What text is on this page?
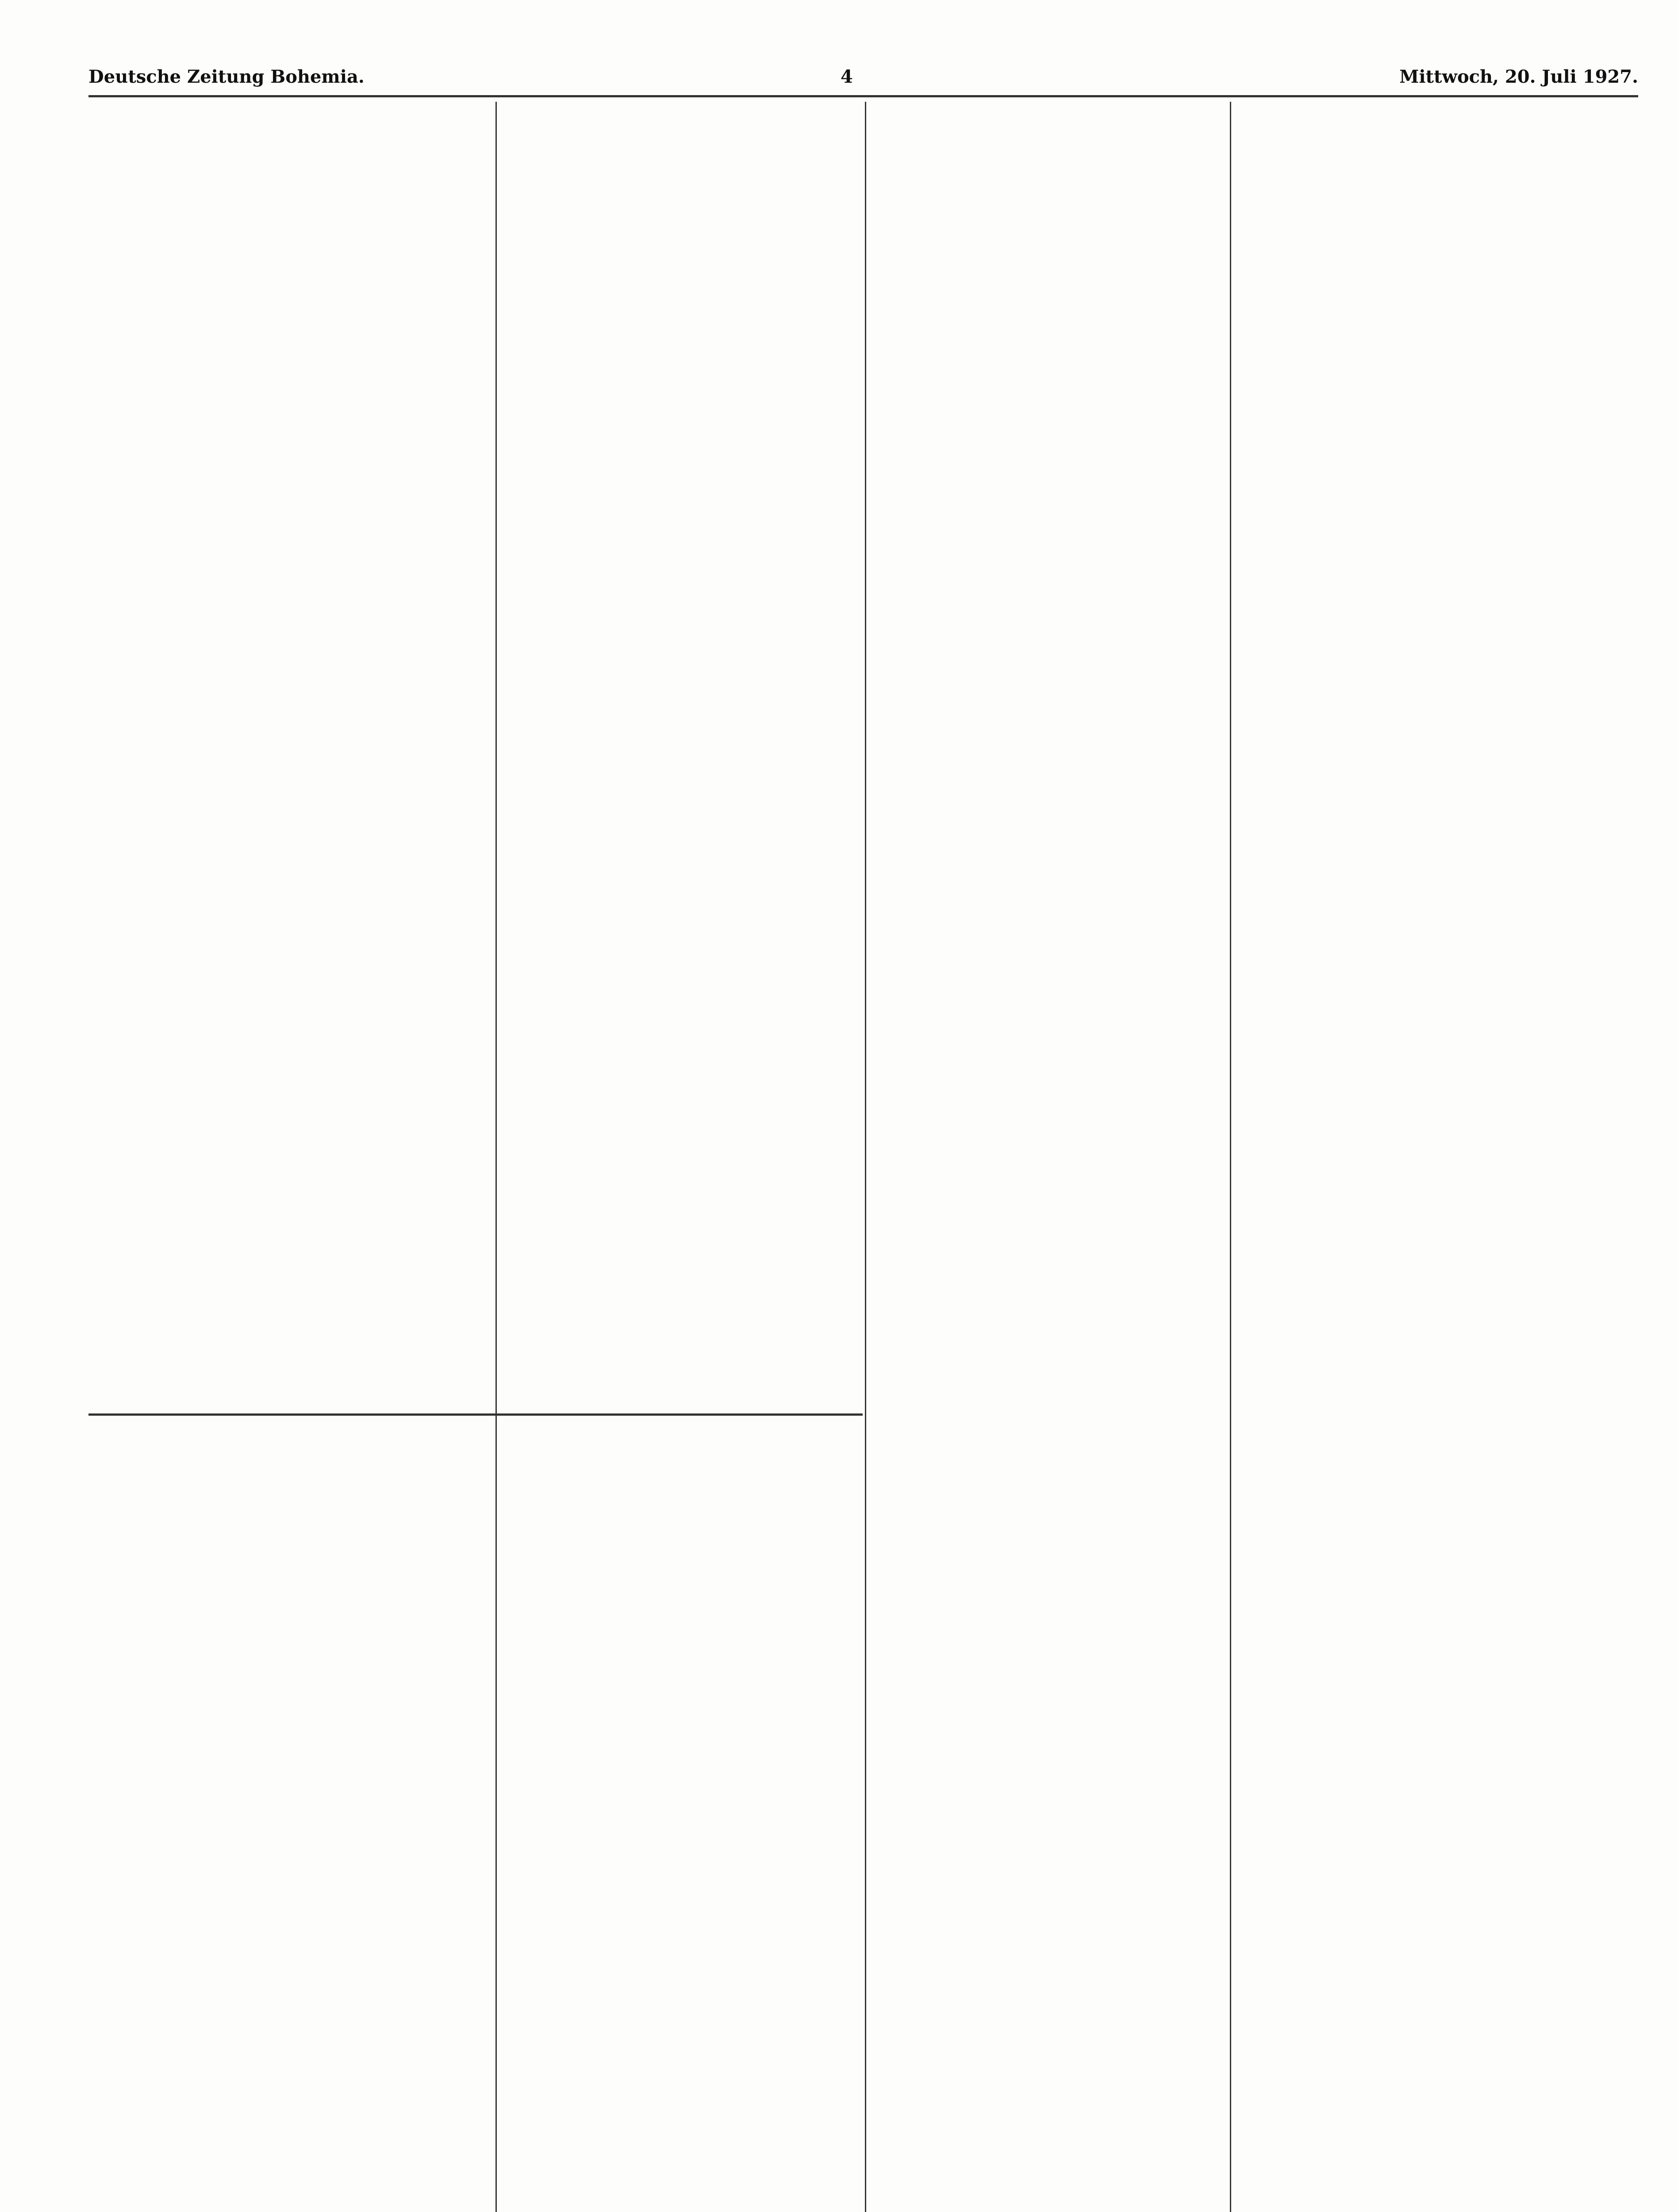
Deutsche Zeitung Bohemia.	4	Mittwoch, 20. Juli 1927.
